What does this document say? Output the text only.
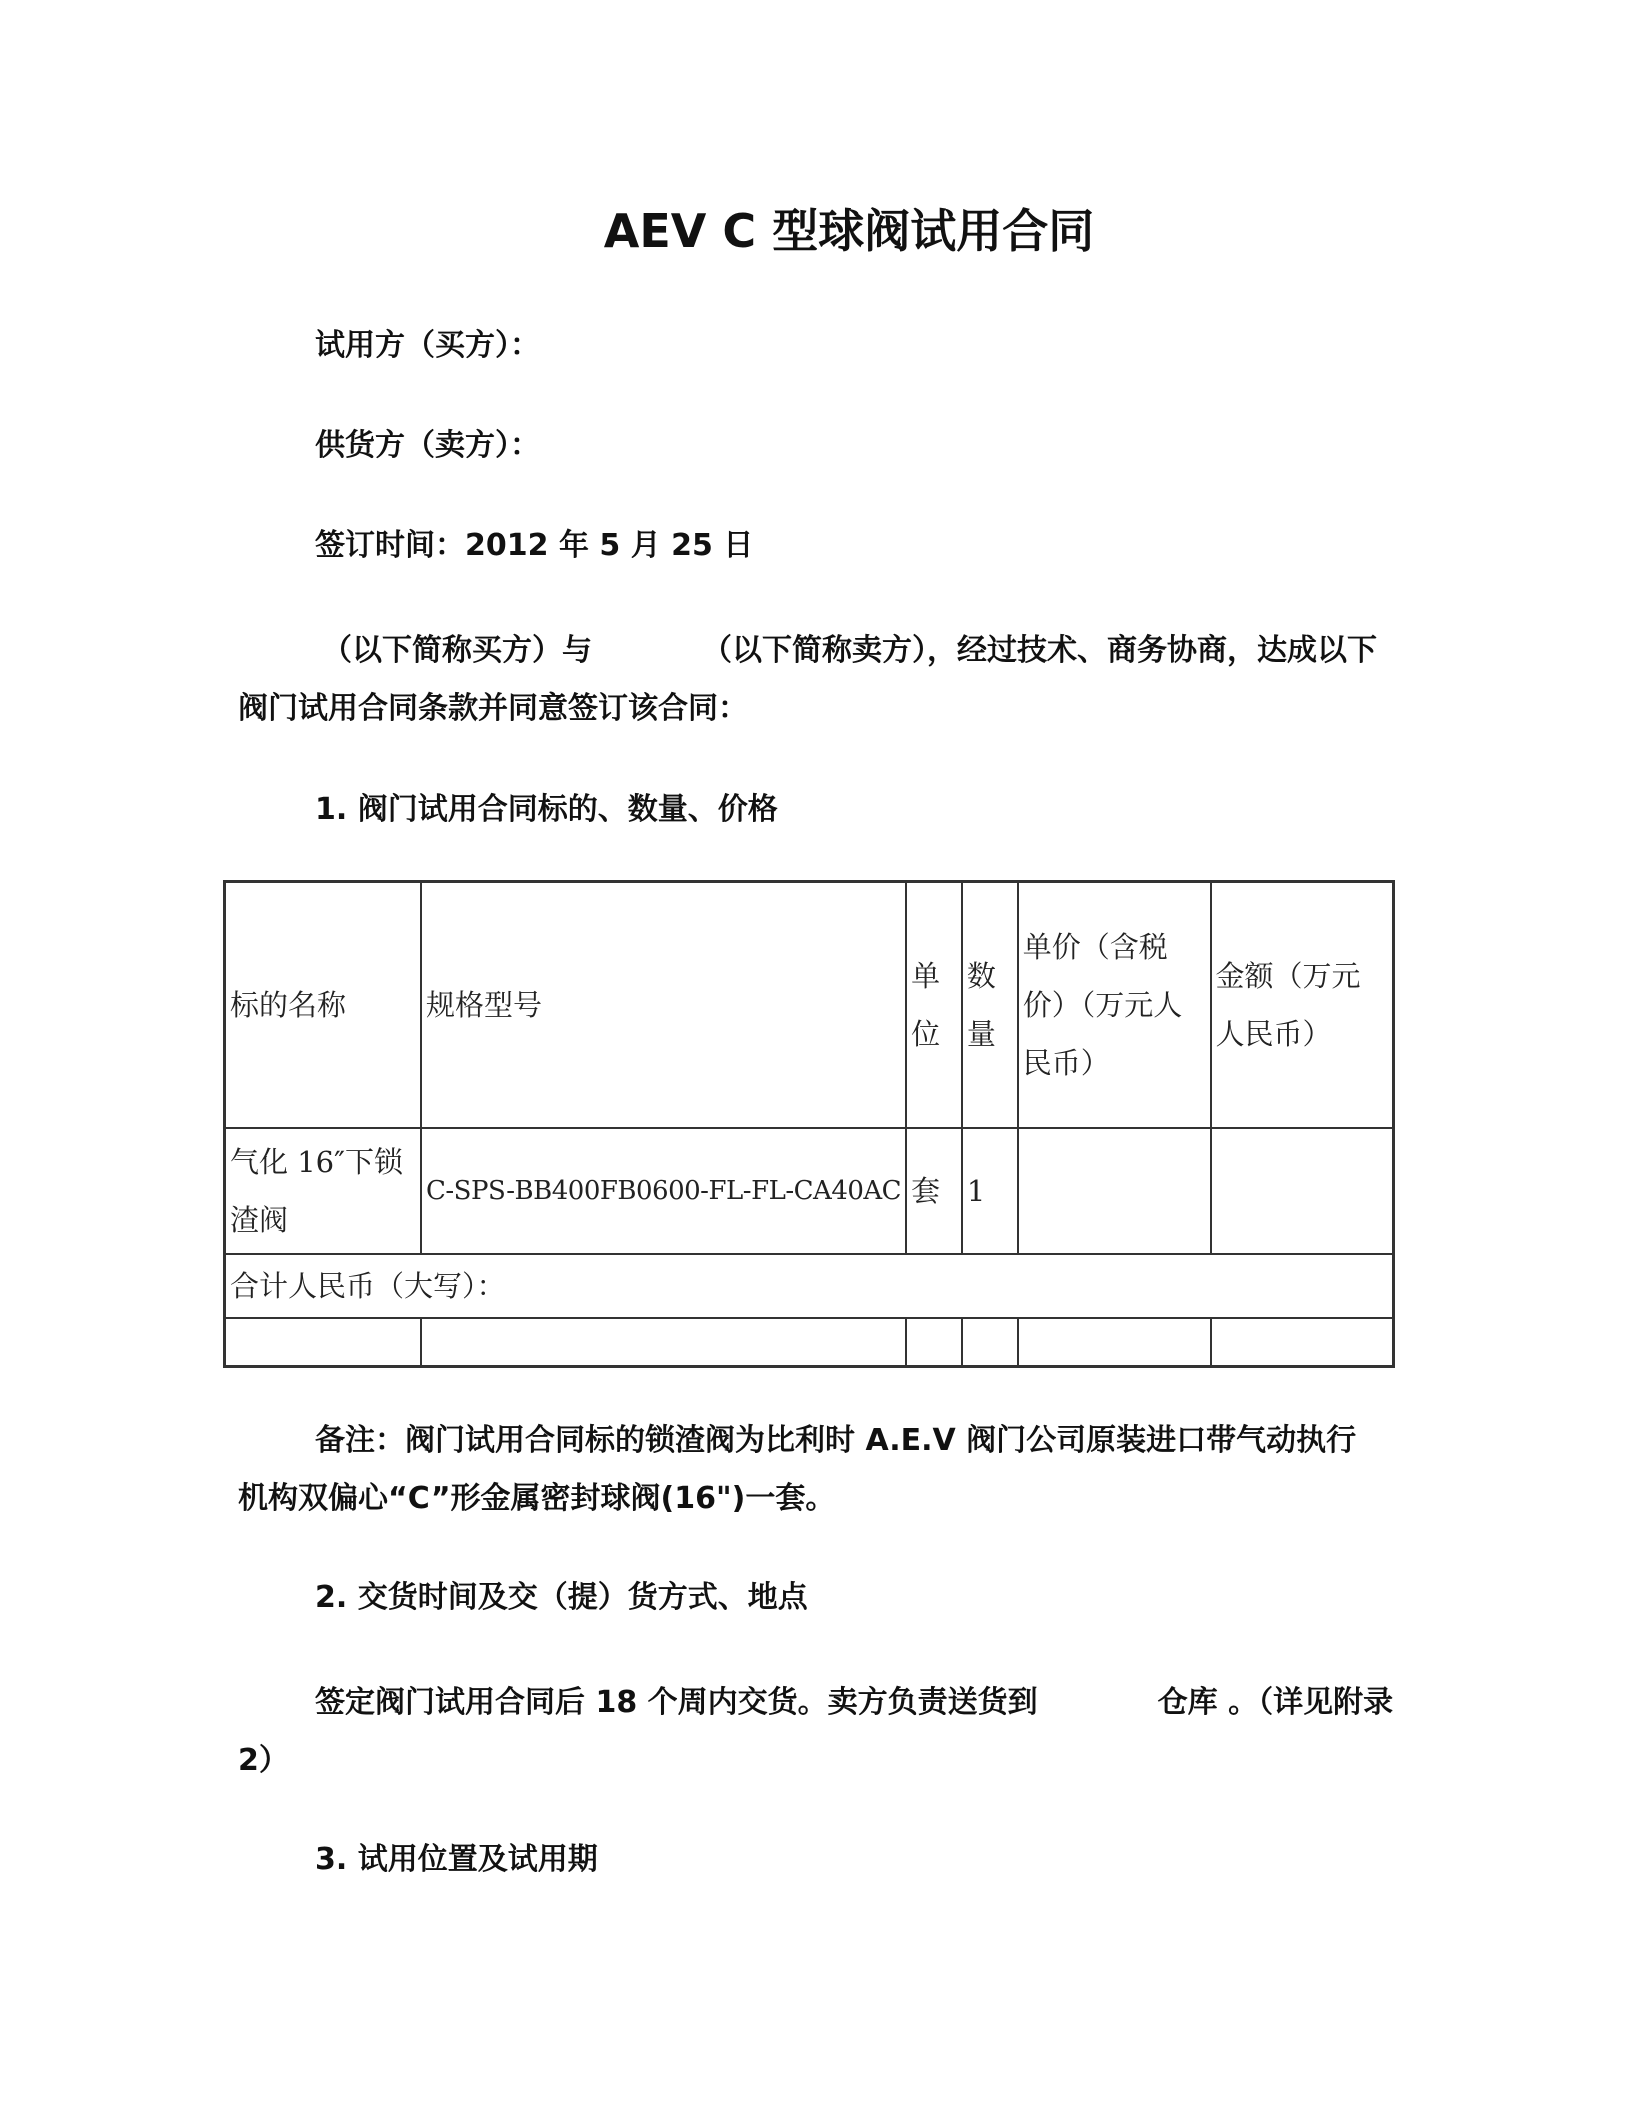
AEV C 型球阀试用合同
试用方（买方）：
供货方（卖方）：
签订时间：2012 年 5 月 25 日
（以下简称买方）与	（以下简称卖方），经过技术、商务协商，达成以下阀门试用合同条款并同意签订该合同：
1. 阀门试用合同标的、数量、价格
标的名称	规格型号	单位	数量	单价（含税价）（万元人民币）	金额（万元人民币）
气化 16″下锁渣阀	C-SPS-BB400FB0600-FL-FL-CA40AC	套	1		
合计人民币（大写）：					

备注：阀门试用合同标的锁渣阀为比利时 A.E.V 阀门公司原装进口带气动执行机构双偏心“C”形金属密封球阀(16")一套。
2. 交货时间及交（提）货方式、地点
签定阀门试用合同后 18 个周内交货。卖方负责送货到	仓库 。（详见附录 2）
3. 试用位置及试用期
